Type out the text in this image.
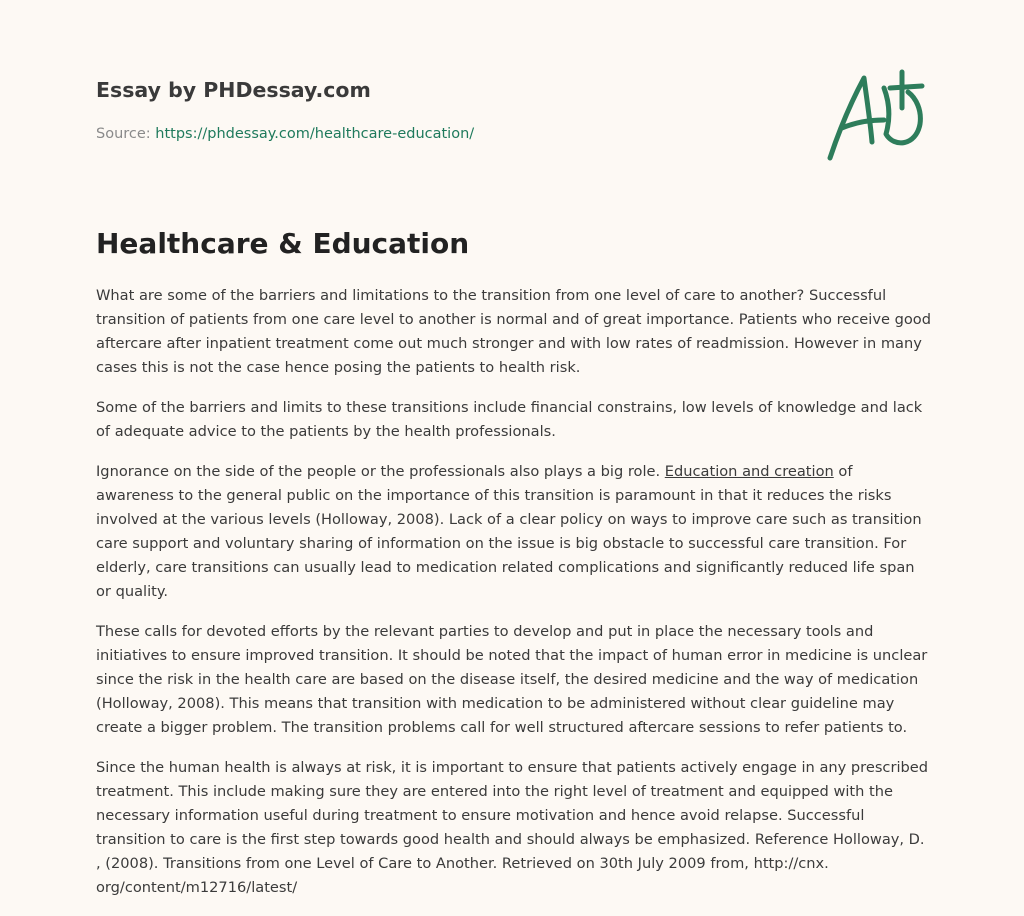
Essay by PHDessay.com
Source: https://phdessay.com/healthcare-education/
Healthcare & Education

What are some of the barriers and limitations to the transition from one level of care to another? Successful transition of patients from one care level to another is normal and of great importance. Patients who receive good aftercare after inpatient treatment come out much stronger and with low rates of readmission. However in many cases this is not the case hence posing the patients to health risk.

Some of the barriers and limits to these transitions include financial constrains, low levels of knowledge and lack of adequate advice to the patients by the health professionals.

Ignorance on the side of the people or the professionals also plays a big role. Education and creation of awareness to the general public on the importance of this transition is paramount in that it reduces the risks involved at the various levels (Holloway, 2008). Lack of a clear policy on ways to improve care such as transition care support and voluntary sharing of information on the issue is big obstacle to successful care transition. For elderly, care transitions can usually lead to medication related complications and significantly reduced life span or quality.

These calls for devoted efforts by the relevant parties to develop and put in place the necessary tools and initiatives to ensure improved transition. It should be noted that the impact of human error in medicine is unclear since the risk in the health care are based on the disease itself, the desired medicine and the way of medication (Holloway, 2008). This means that transition with medication to be administered without clear guideline may create a bigger problem. The transition problems call for well structured aftercare sessions to refer patients to.

Since the human health is always at risk, it is important to ensure that patients actively engage in any prescribed treatment. This include making sure they are entered into the right level of treatment and equipped with the necessary information useful during treatment to ensure motivation and hence avoid relapse. Successful transition to care is the first step towards good health and should always be emphasized. Reference Holloway, D. , (2008). Transitions from one Level of Care to Another. Retrieved on 30th July 2009 from, http://cnx. org/content/m12716/latest/
